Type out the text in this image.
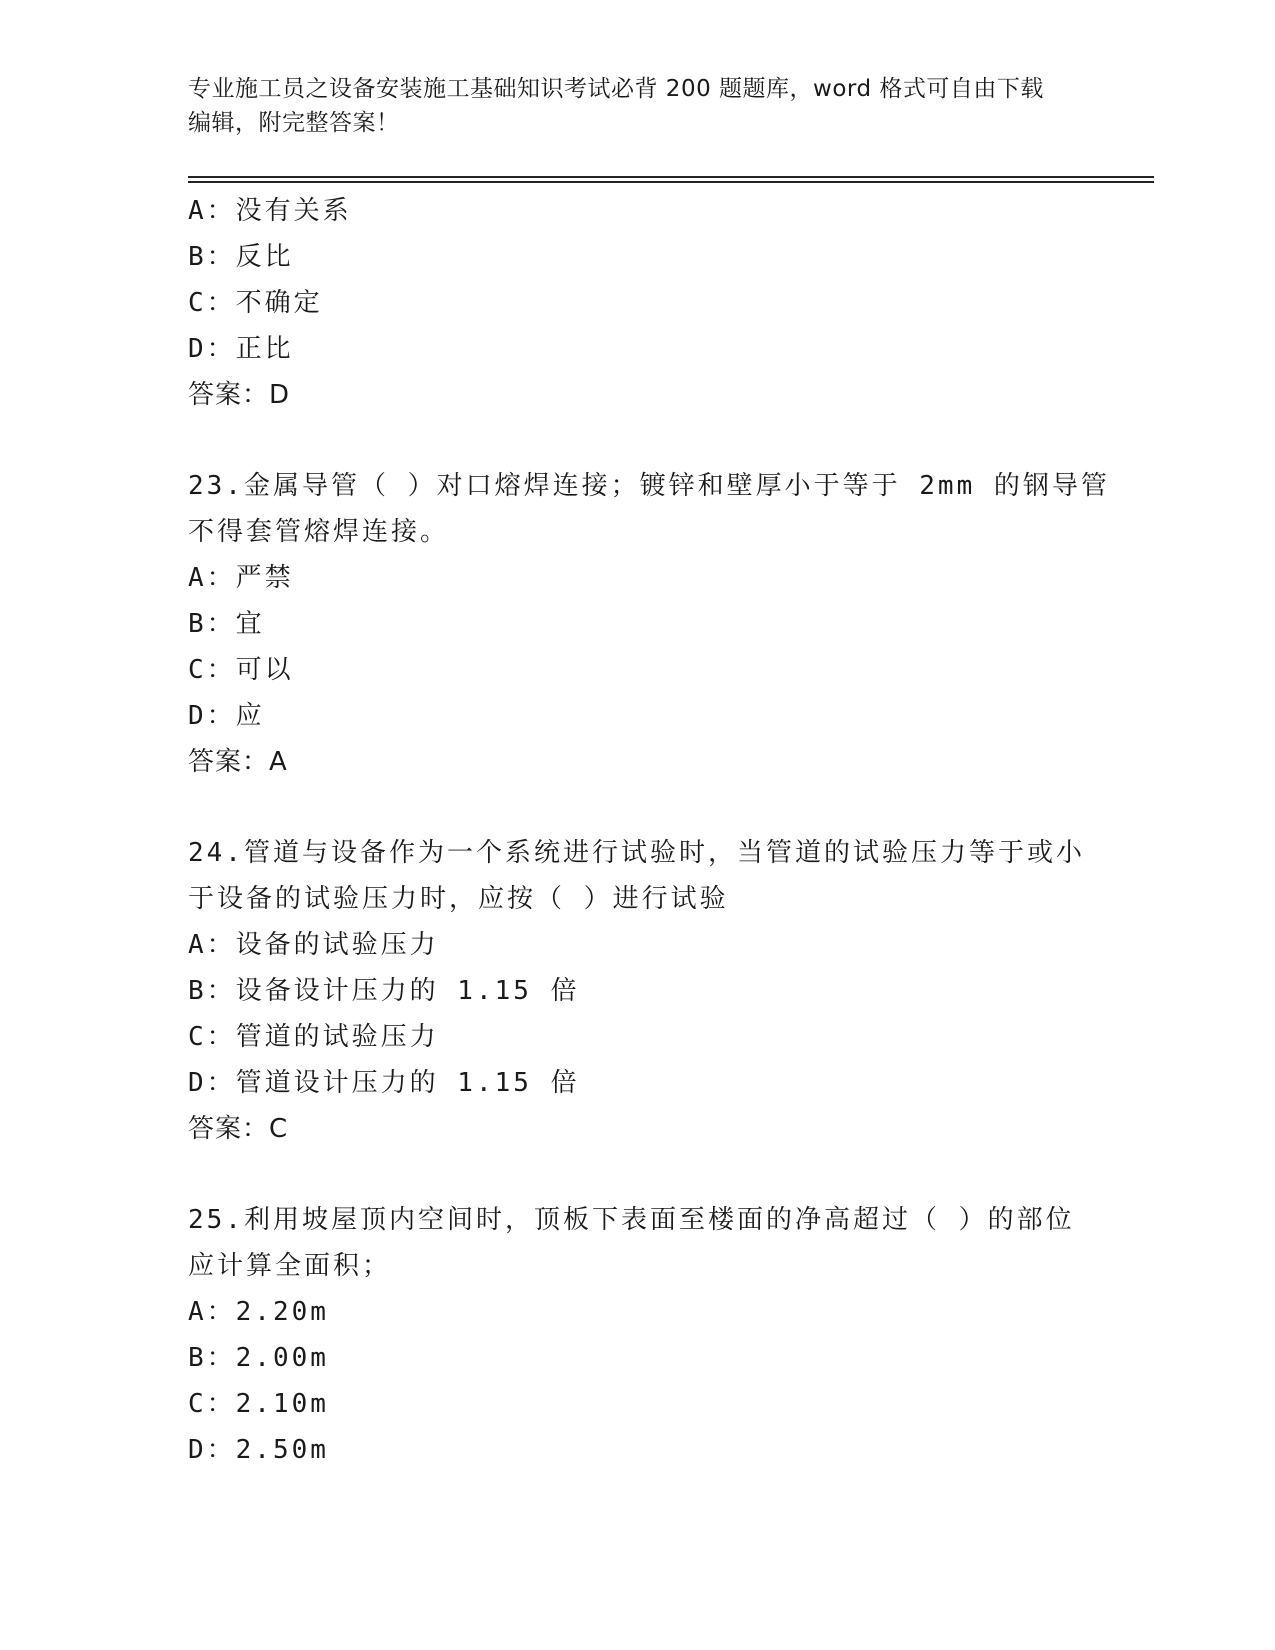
专业施工员之设备安装施工基础知识考试必背 200 题题库，word 格式可自由下载
编辑，附完整答案！
A：没有关系
B：反比
C：不确定
D：正比
答案：D
23.金属导管（ ）对口熔焊连接；镀锌和壁厚小于等于 2mm 的钢导管
不得套管熔焊连接。
A：严禁
B：宜
C：可以
D：应
答案：A
24.管道与设备作为一个系统进行试验时，当管道的试验压力等于或小
于设备的试验压力时，应按（ ）进行试验
A：设备的试验压力
B：设备设计压力的 1.15 倍
C：管道的试验压力
D：管道设计压力的 1.15 倍
答案：C
25.利用坡屋顶内空间时，顶板下表面至楼面的净高超过（ ）的部位
应计算全面积；
A：2.20m
B：2.00m
C：2.10m
D：2.50m
